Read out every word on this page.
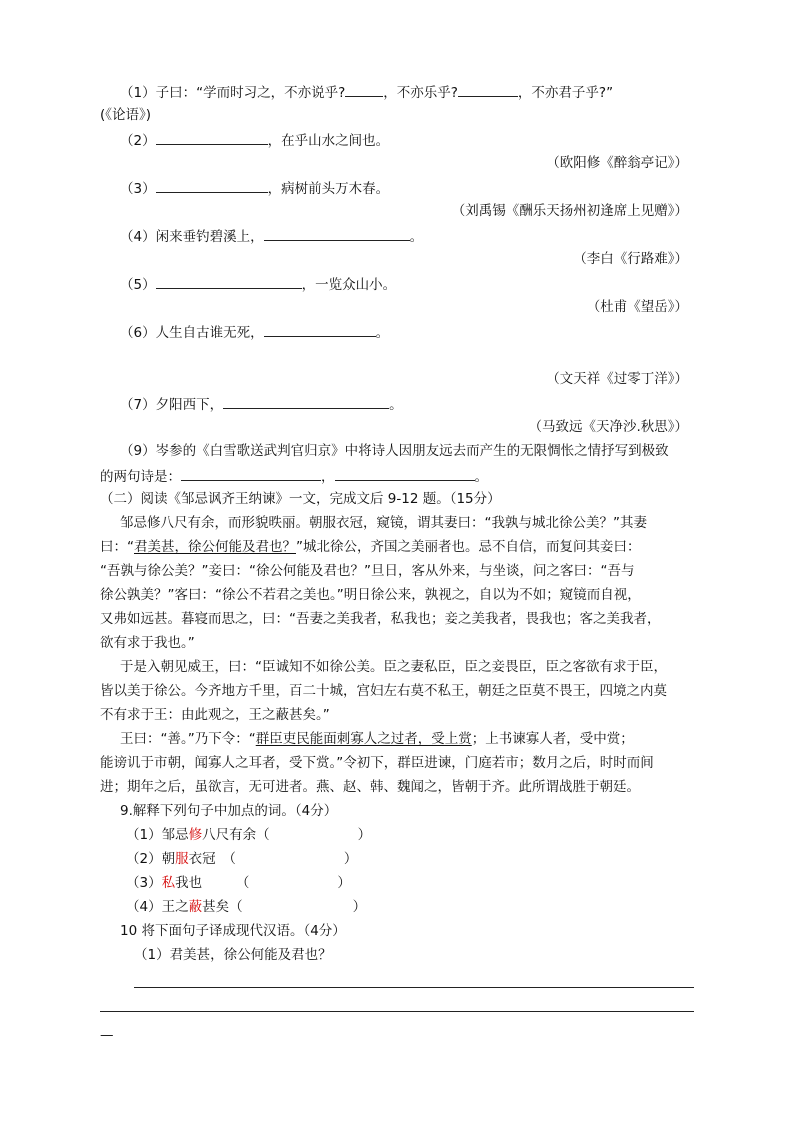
（1）子曰：“学而时习之，不亦说乎?	，不亦乐乎?	，不亦君子乎?”
(《论语》)
（2）	，在乎山水之间也。
（欧阳修《醉翁亭记》）
（3）	，病树前头万木春。
（刘禹锡《酬乐天扬州初逢席上见赠》）
（4）闲来垂钓碧溪上，	。
（李白《行路难》）
（5）	，一览众山小。
（杜甫《望岳》）
（6）人生自古谁无死，	。
（文天祥《过零丁洋》）
（7）夕阳西下，	。
（马致远《天净沙.秋思》）
（9）岑参的《白雪歌送武判官归京》中将诗人因朋友远去而产生的无限惆怅之情抒写到极致
的两句诗是：	，	。
（二）阅读《邹忌讽齐王纳谏》一文，完成文后 9-12 题。（15分）
邹忌修八尺有余，而形貌昳丽。朝服衣冠，窥镜，谓其妻曰：“我孰与城北徐公美？”其妻
曰：“君美甚，徐公何能及君也？”城北徐公，齐国之美丽者也。忌不自信，而复问其妾曰：
“吾孰与徐公美？”妾曰：“徐公何能及君也？”旦日，客从外来，与坐谈，问之客曰：“吾与
徐公孰美？”客曰：“徐公不若君之美也。”明日徐公来，孰视之，自以为不如；窥镜而自视，
又弗如远甚。暮寝而思之，曰：“吾妻之美我者，私我也；妾之美我者，畏我也；客之美我者，
欲有求于我也。”
于是入朝见威王，曰：“臣诚知不如徐公美。臣之妻私臣，臣之妾畏臣，臣之客欲有求于臣，
皆以美于徐公。今齐地方千里，百二十城，宫妇左右莫不私王，朝廷之臣莫不畏王，四境之内莫
不有求于王：由此观之，王之蔽甚矣。”
王曰：“善。”乃下令：“群臣吏民能面刺寡人之过者，受上赏；上书谏寡人者，受中赏；
能谤讥于市朝，闻寡人之耳者，受下赏。”令初下，群臣进谏，门庭若市；数月之后，时时而间
进；期年之后，虽欲言，无可进者。燕、赵、韩、魏闻之，皆朝于齐。此所谓战胜于朝廷。
9.解释下列句子中加点的词。（4分）
（1）邹忌修八尺有余（	）
（2）朝服衣冠　（	）
（3）私我也　　　（	）
（4）王之蔽甚矣（	）
10 将下面句子译成现代汉语。（4分）
（1）君美甚，徐公何能及君也？
—
